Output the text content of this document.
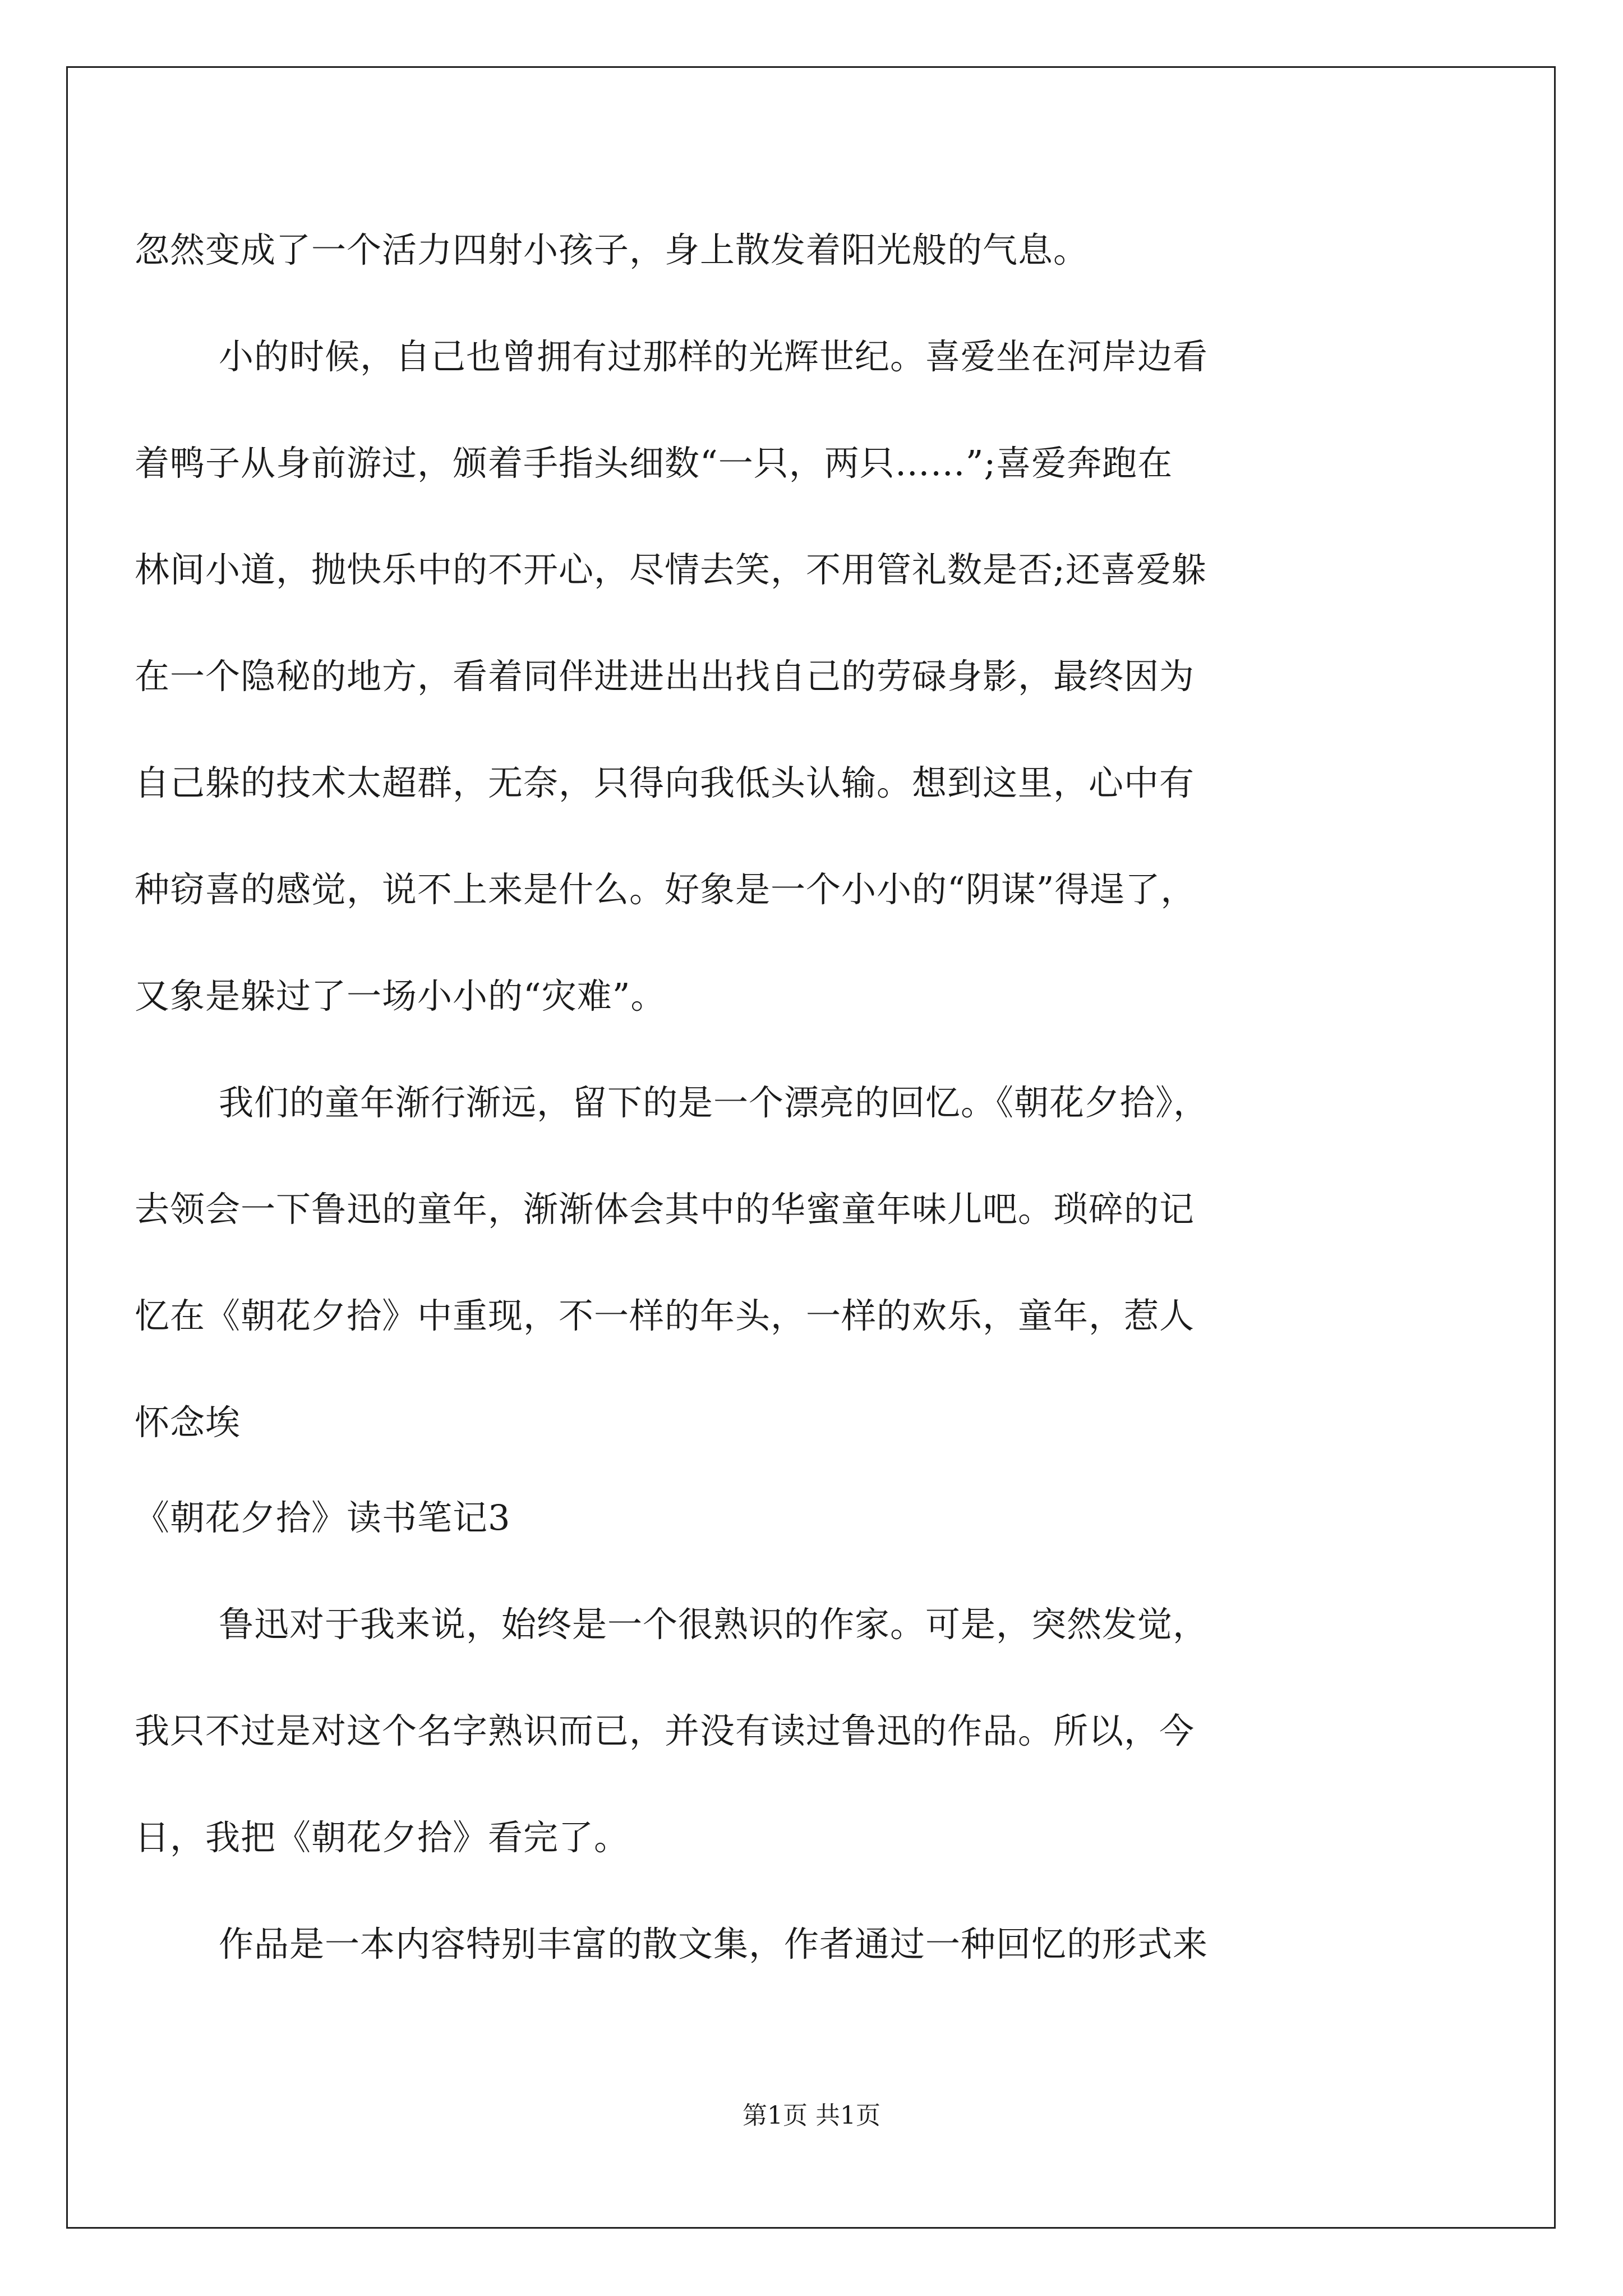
忽然变成了一个活力四射小孩子，身上散发着阳光般的气息。
小的时候，自己也曾拥有过那样的光辉世纪。喜爱坐在河岸边看
着鸭子从身前游过，颁着手指头细数“一只，两只……”;喜爱奔跑在
林间小道，抛快乐中的不开心，尽情去笑，不用管礼数是否;还喜爱躲
在一个隐秘的地方，看着同伴进进出出找自己的劳碌身影，最终因为
自己躲的技术太超群，无奈，只得向我低头认输。想到这里，心中有
种窃喜的感觉，说不上来是什么。好象是一个小小的“阴谋”得逞了，
又象是躲过了一场小小的“灾难”。
我们的童年渐行渐远，留下的是一个漂亮的回忆。《朝花夕拾》，
去领会一下鲁迅的童年，渐渐体会其中的华蜜童年味儿吧。琐碎的记
忆在《朝花夕拾》中重现，不一样的年头，一样的欢乐，童年，惹人
怀念埃
《朝花夕拾》读书笔记3
鲁迅对于我来说，始终是一个很熟识的作家。可是，突然发觉，
我只不过是对这个名字熟识而已，并没有读过鲁迅的作品。所以，今
日，我把《朝花夕拾》看完了。
作品是一本内容特别丰富的散文集，作者通过一种回忆的形式来
第1页 共1页
